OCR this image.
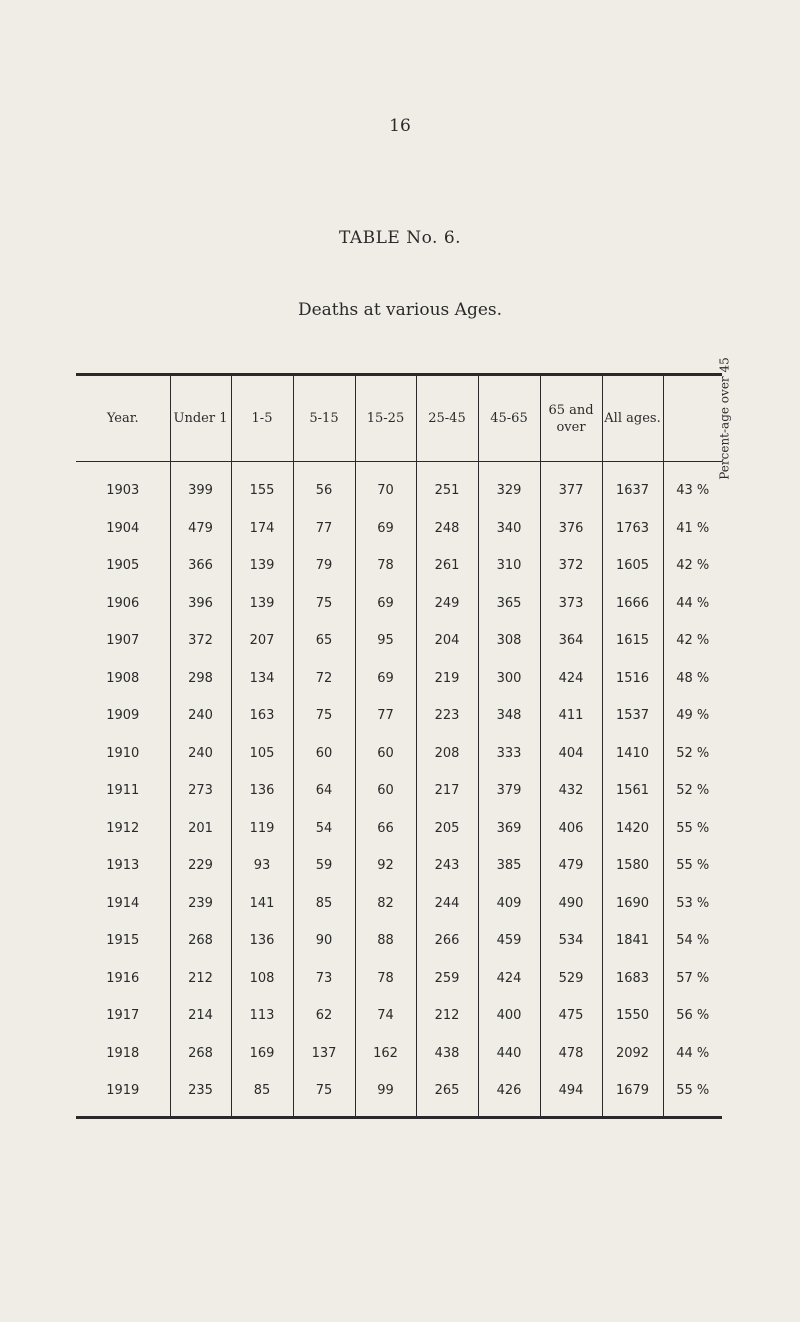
16
TABLE No. 6.
Deaths at various Ages.
Year.	Under 1	1-5	5-15	15-25	25-45	45-65	65 and over	All ages.	Percent-age over 45
1903	399	155	56	70	251	329	377	1637	43 %
1904	479	174	77	69	248	340	376	1763	41 %
1905	366	139	79	78	261	310	372	1605	42 %
1906	396	139	75	69	249	365	373	1666	44 %
1907	372	207	65	95	204	308	364	1615	42 %
1908	298	134	72	69	219	300	424	1516	48 %
1909	240	163	75	77	223	348	411	1537	49 %
1910	240	105	60	60	208	333	404	1410	52 %
1911	273	136	64	60	217	379	432	1561	52 %
1912	201	119	54	66	205	369	406	1420	55 %
1913	229	93	59	92	243	385	479	1580	55 %
1914	239	141	85	82	244	409	490	1690	53 %
1915	268	136	90	88	266	459	534	1841	54 %
1916	212	108	73	78	259	424	529	1683	57 %
1917	214	113	62	74	212	400	475	1550	56 %
1918	268	169	137	162	438	440	478	2092	44 %
1919	235	85	75	99	265	426	494	1679	55 %
